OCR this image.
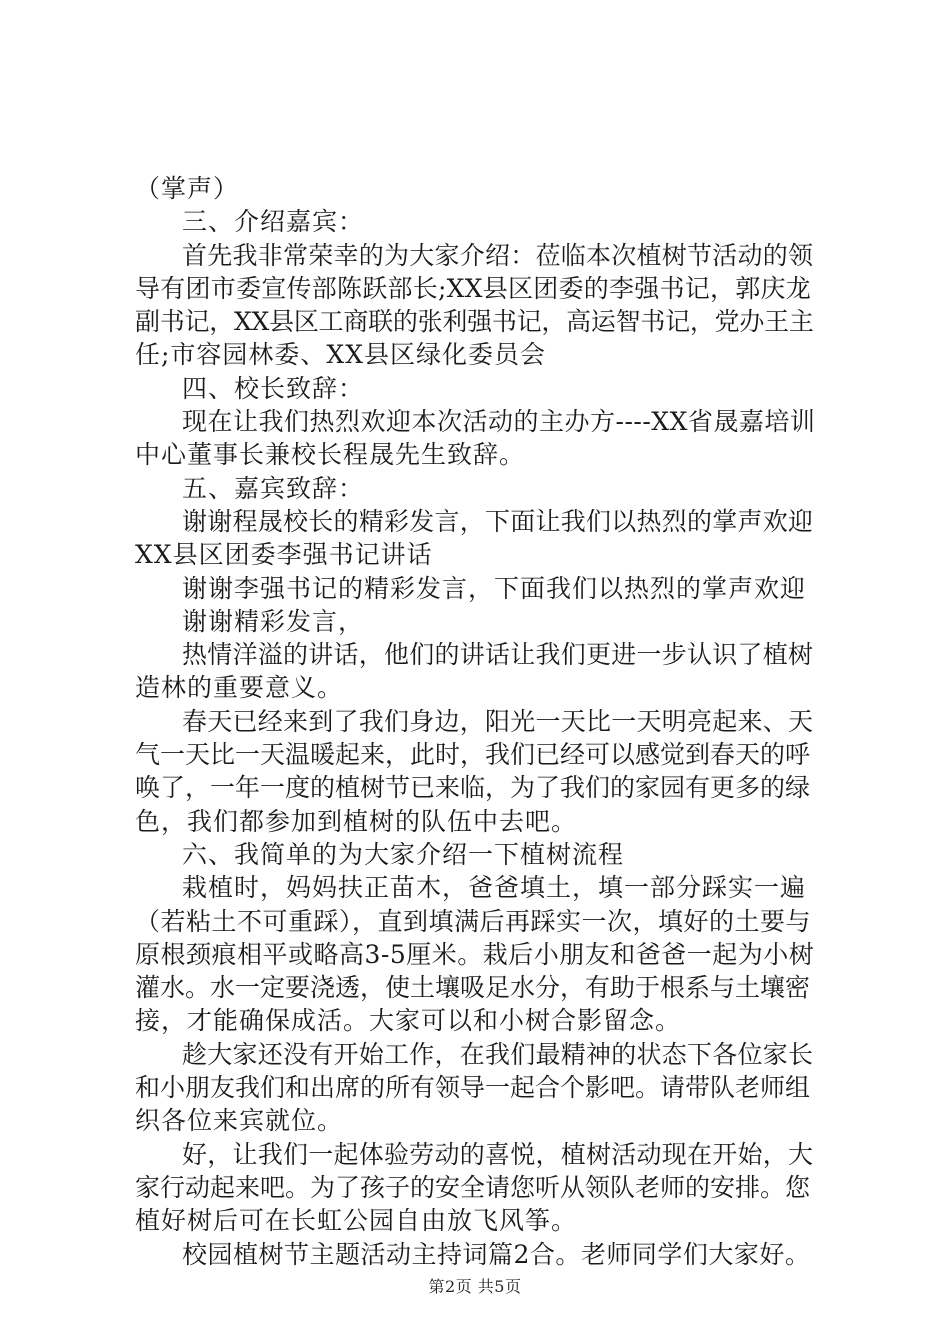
（掌声）
三、介绍嘉宾：
首先我非常荣幸的为大家介绍：莅临本次植树节活动的领
导有团市委宣传部陈跃部长;XX县区团委的李强书记，郭庆龙
副书记，XX县区工商联的张利强书记，高运智书记，党办王主
任;市容园林委、XX县区绿化委员会
四、校长致辞：
现在让我们热烈欢迎本次活动的主办方----XX省晟嘉培训
中心董事长兼校长程晟先生致辞。
五、嘉宾致辞：
谢谢程晟校长的精彩发言，下面让我们以热烈的掌声欢迎
XX县区团委李强书记讲话
谢谢李强书记的精彩发言，下面我们以热烈的掌声欢迎
谢谢精彩发言，
热情洋溢的讲话，他们的讲话让我们更进一步认识了植树
造林的重要意义。
春天已经来到了我们身边，阳光一天比一天明亮起来、天
气一天比一天温暖起来，此时，我们已经可以感觉到春天的呼
唤了，一年一度的植树节已来临，为了我们的家园有更多的绿
色，我们都参加到植树的队伍中去吧。
六、我简单的为大家介绍一下植树流程
栽植时，妈妈扶正苗木，爸爸填土，填一部分踩实一遍
（若粘土不可重踩），直到填满后再踩实一次，填好的土要与
原根颈痕相平或略高3-5厘米。栽后小朋友和爸爸一起为小树
灌水。水一定要浇透，使土壤吸足水分，有助于根系与土壤密
接，才能确保成活。大家可以和小树合影留念。
趁大家还没有开始工作，在我们最精神的状态下各位家长
和小朋友我们和出席的所有领导一起合个影吧。请带队老师组
织各位来宾就位。
好，让我们一起体验劳动的喜悦，植树活动现在开始，大
家行动起来吧。为了孩子的安全请您听从领队老师的安排。您
植好树后可在长虹公园自由放飞风筝。
校园植树节主题活动主持词篇2合。老师同学们大家好。
第2页 共5页
